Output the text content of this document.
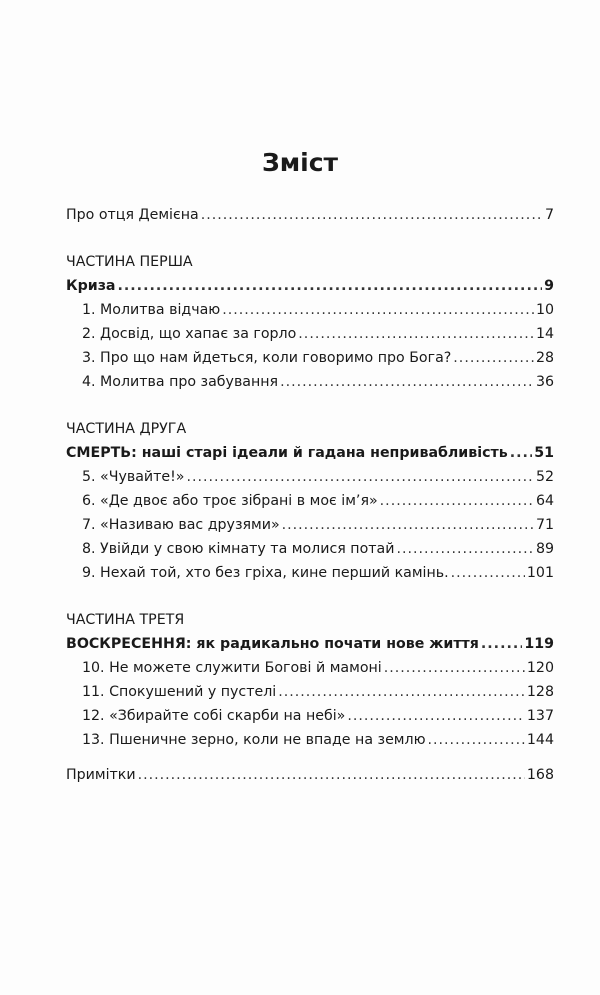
Зміст
Про отця Демієна .....	7
ЧАСТИНА ПЕРША
Криза .....	9
1. Молитва відчаю .....	10
2. Досвід, що хапає за горло .....	14
3. Про що нам йдеться, коли говоримо про Бога? .....	28
4. Молитва про забування .....	36
ЧАСТИНА ДРУГА
СМЕРТЬ: наші старі ідеали й гадана непривабливість ..... 51
5. «Чувайте!» .....	52
6. «Де двоє або троє зібрані в моє ім’я» .....	64
7. «Називаю вас друзями» .....	71
8. Увійди у свою кімнату та молися потай .....	89
9. Нехай той, хто без гріха, кине перший камінь. .....	101
ЧАСТИНА ТРЕТЯ
ВОСКРЕСЕННЯ: як радикально почати нове життя .....	119
10. Не можете служити Богові й мамоні .....	120
11. Спокушений у пустелі .....	128
12. «Збирайте собі скарби на небі» .....	137
13. Пшеничне зерно, коли не впаде на землю .....	144
Примітки .....	168
